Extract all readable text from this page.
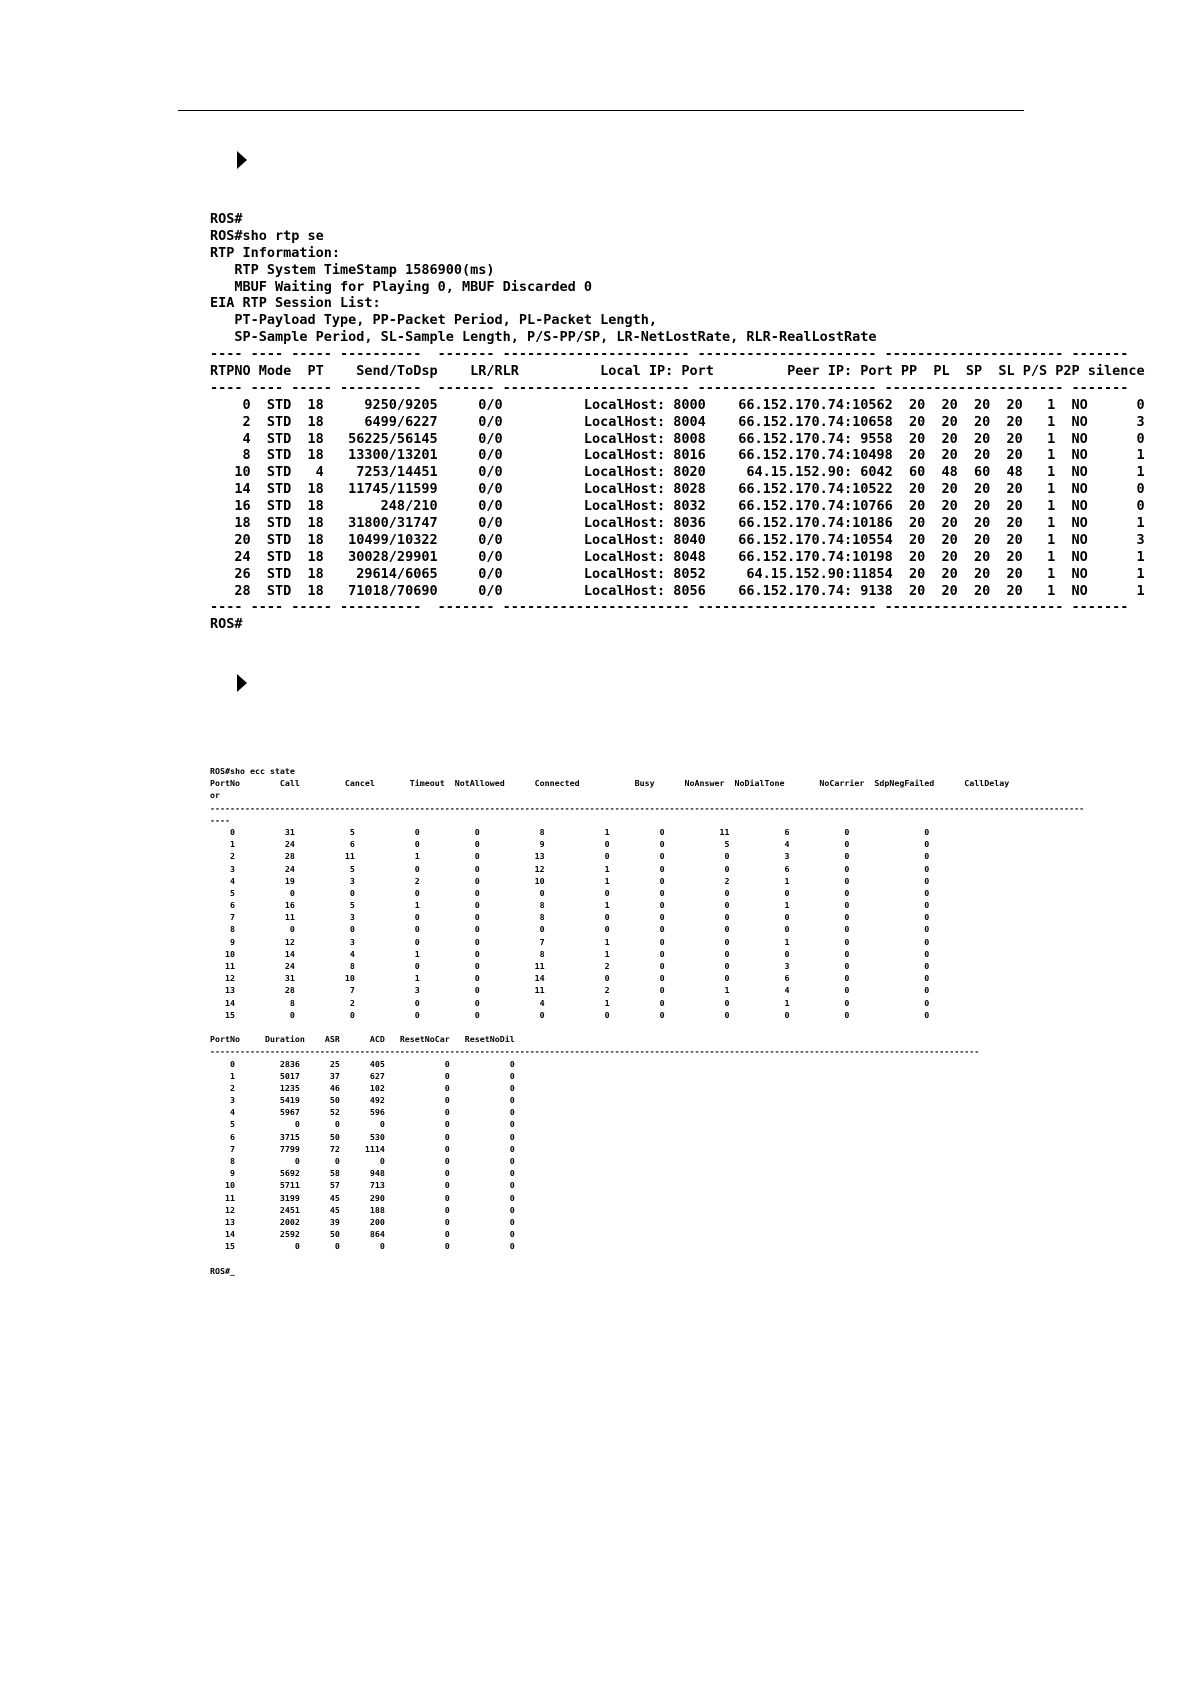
ROS#
ROS#sho rtp se
RTP Information:
RTP System TimeStamp 1586900(ms)
MBUF Waiting for Playing 0, MBUF Discarded 0
EIA RTP Session List:
PT-Payload Type, PP-Packet Period, PL-Packet Length,
SP-Sample Period, SL-Sample Length, P/S-PP/SP, LR-NetLostRate, RLR-RealLostRate
---- ---- ----- ----------  ------- ----------------------- ---------------------- ---------------------- -------
RTPNO Mode  PT    Send/ToDsp    LR/RLR          Local IP: Port         Peer IP: Port PP  PL  SP  SL P/S P2P silence
---- ---- ----- ----------  ------- ----------------------- ---------------------- ---------------------- -------
0  STD  18     9250/9205     0/0          LocalHost: 8000    66.152.170.74:10562  20  20  20  20   1  NO      0
2  STD  18     6499/6227     0/0          LocalHost: 8004    66.152.170.74:10658  20  20  20  20   1  NO      3
4  STD  18   56225/56145     0/0          LocalHost: 8008    66.152.170.74: 9558  20  20  20  20   1  NO      0
8  STD  18   13300/13201     0/0          LocalHost: 8016    66.152.170.74:10498  20  20  20  20   1  NO      1
10  STD   4    7253/14451     0/0          LocalHost: 8020     64.15.152.90: 6042  60  48  60  48   1  NO      1
14  STD  18   11745/11599     0/0          LocalHost: 8028    66.152.170.74:10522  20  20  20  20   1  NO      0
16  STD  18       248/210     0/0          LocalHost: 8032    66.152.170.74:10766  20  20  20  20   1  NO      0
18  STD  18   31800/31747     0/0          LocalHost: 8036    66.152.170.74:10186  20  20  20  20   1  NO      1
20  STD  18   10499/10322     0/0          LocalHost: 8040    66.152.170.74:10554  20  20  20  20   1  NO      3
24  STD  18   30028/29901     0/0          LocalHost: 8048    66.152.170.74:10198  20  20  20  20   1  NO      1
26  STD  18    29614/6065     0/0          LocalHost: 8052     64.15.152.90:11854  20  20  20  20   1  NO      1
28  STD  18   71018/70690     0/0          LocalHost: 8056    66.152.170.74: 9138  20  20  20  20   1  NO      1
---- ---- ----- ----------  ------- ----------------------- ---------------------- ---------------------- -------
ROS#
ROS#sho ecc state
PortNo        Call         Cancel       Timeout  NotAllowed      Connected           Busy      NoAnswer  NoDialTone       NoCarrier  SdpNegFailed      CallDelay
or
-------------------------------------------------------------------------------------------------------------------------------------------------------------------------------
----
0          31           5            0           0            8            1          0           11           6           0               0
1          24           6            0           0            9            0          0            5           4           0               0
2          28          11            1           0           13            0          0            0           3           0               0
3          24           5            0           0           12            1          0            0           6           0               0
4          19           3            2           0           10            1          0            2           1           0               0
5           0           0            0           0            0            0          0            0           0           0               0
6          16           5            1           0            8            1          0            0           1           0               0
7          11           3            0           0            8            0          0            0           0           0               0
8           0           0            0           0            0            0          0            0           0           0               0
9          12           3            0           0            7            1          0            0           1           0               0
10          14           4            1           0            8            1          0            0           0           0               0
11          24           8            0           0           11            2          0            0           3           0               0
12          31          10            1           0           14            0          0            0           6           0               0
13          28           7            3           0           11            2          0            1           4           0               0
14           8           2            0           0            4            1          0            0           1           0               0
15           0           0            0           0            0            0          0            0           0           0               0
PortNo     Duration    ASR      ACD   ResetNoCar   ResetNoDil
----------------------------------------------------------------------------------------------------------------------------------------------------------
0         2836      25      405            0            0
1         5017      37      627            0            0
2         1235      46      102            0            0
3         5419      50      492            0            0
4         5967      52      596            0            0
5            0       0        0            0            0
6         3715      50      530            0            0
7         7799      72     1114            0            0
8            0       0        0            0            0
9         5692      58      948            0            0
10         5711      57      713            0            0
11         3199      45      290            0            0
12         2451      45      188            0            0
13         2002      39      200            0            0
14         2592      50      864            0            0
15            0       0        0            0            0
ROS#_
